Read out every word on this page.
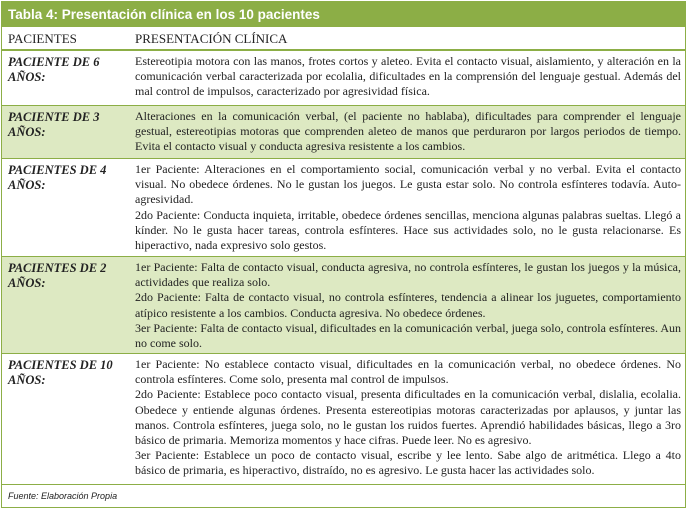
Tabla 4: Presentación clínica en los 10 pacientes
PACIENTES	PRESENTACIÓN CLÍNICA
PACIENTE DE 6 AÑOS:

Estereotipia motora con las manos, frotes cortos y aleteo. Evita el contacto visual, aislamiento, y alteración en la comunicación verbal caracterizada por ecolalia, dificultades en la comprensión del lenguaje gestual. Además del mal control de impulsos, caracterizado por agresividad física.

PACIENTE DE 3 AÑOS:

Alteraciones en la comunicación verbal, (el paciente no hablaba), dificultades para comprender el lenguaje gestual, estereotipias motoras que comprenden aleteo de manos que perduraron por largos periodos de tiempo. Evita el contacto visual y conducta agresiva resistente a los cambios.

PACIENTES DE 4 AÑOS:

1er Paciente: Alteraciones en el comportamiento social, comunicación verbal y no verbal. Evita el contacto visual. No obedece órdenes. No le gustan los juegos. Le gusta estar solo. No controla esfínteres todavía. Auto-agresividad.

2do Paciente: Conducta inquieta, irritable, obedece órdenes sencillas, menciona algunas palabras sueltas. Llegó a kínder. No le gusta hacer tareas, controla esfínteres. Hace sus actividades solo, no le gusta relacionarse. Es hiperactivo, nada expresivo solo gestos.

PACIENTES DE 2 AÑOS:

1er Paciente: Falta de contacto visual, conducta agresiva, no controla esfínteres, le gustan los juegos y la música, actividades que realiza solo.

2do Paciente: Falta de contacto visual, no controla esfínteres, tendencia a alinear los juguetes, comportamiento atípico resistente a los cambios. Conducta agresiva. No obedece órdenes.

3er Paciente: Falta de contacto visual, dificultades en la comunicación verbal, juega solo, controla esfínteres. Aun no come solo.

PACIENTES DE 10 AÑOS:

1er Paciente: No establece contacto visual, dificultades en la comunicación verbal, no obedece órdenes. No controla esfínteres. Come solo, presenta mal control de impulsos.

2do Paciente: Establece poco contacto visual, presenta dificultades en la comunicación verbal, dislalia, ecolalia. Obedece y entiende algunas órdenes. Presenta estereotipias motoras caracterizadas por aplausos, y juntar las manos. Controla esfínteres, juega solo, no le gustan los ruidos fuertes. Aprendió habilidades básicas, llego a 3ro básico de primaria. Memoriza momentos y hace cifras. Puede leer. No es agresivo.

3er Paciente: Establece un poco de contacto visual, escribe y lee lento. Sabe algo de aritmética. Llego a 4to básico de primaria, es hiperactivo, distraído, no es agresivo. Le gusta hacer las actividades solo.

Fuente: Elaboración Propia
